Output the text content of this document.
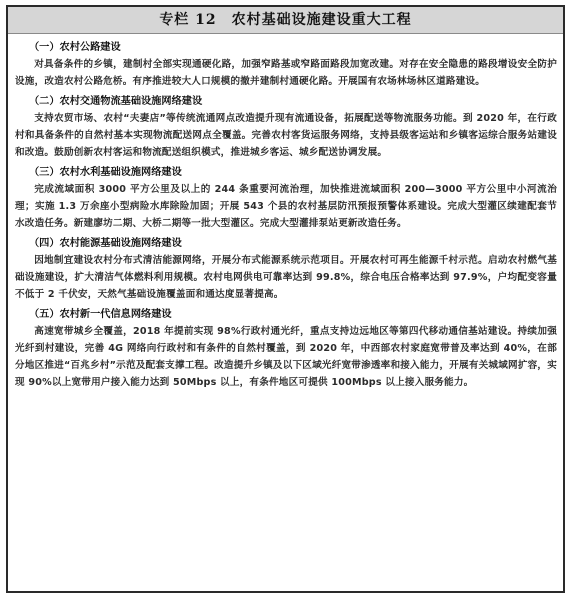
专栏 12　农村基础设施建设重大工程
（一）农村公路建设
对具备条件的乡镇，建制村全部实现通硬化路，加强窄路基或窄路面路段加宽改建。对存在安全隐患的路段增设安全防护设施，改造农村公路危桥。有序推进较大人口规模的撤并建制村通硬化路。开展国有农场林场林区道路建设。
（二）农村交通物流基础设施网络建设
支持农贸市场、农村“夫妻店”等传统流通网点改造提升现有流通设备，拓展配送等物流服务功能。到 2020 年，在行政村和具备条件的自然村基本实现物流配送网点全覆盖。完善农村客货运服务网络，支持县级客运站和乡镇客运综合服务站建设和改造。鼓励创新农村客运和物流配送组织模式，推进城乡客运、城乡配送协调发展。
（三）农村水利基础设施网络建设
完成流域面积 3000 平方公里及以上的 244 条重要河流治理，加快推进流域面积 200—3000 平方公里中小河流治理；实施 1.3 万余座小型病险水库除险加固；开展 543 个县的农村基层防汛预报预警体系建设。完成大型灌区续建配套节水改造任务。新建廖坊二期、大桥二期等一批大型灌区。完成大型灌排泵站更新改造任务。
（四）农村能源基础设施网络建设
因地制宜建设农村分布式清洁能源网络，开展分布式能源系统示范项目。开展农村可再生能源千村示范。启动农村燃气基础设施建设，扩大清洁气体燃料利用规模。农村电网供电可靠率达到 99.8%，综合电压合格率达到 97.9%，户均配变容量不低于 2 千伏安，天然气基础设施覆盖面和通达度显著提高。
（五）农村新一代信息网络建设
高速宽带城乡全覆盖，2018 年提前实现 98%行政村通光纤，重点支持边远地区等第四代移动通信基站建设。持续加强光纤到村建设，完善 4G 网络向行政村和有条件的自然村覆盖，到 2020 年，中西部农村家庭宽带普及率达到 40%，在部分地区推进“百兆乡村”示范及配套支撑工程。改造提升乡镇及以下区域光纤宽带渗透率和接入能力，开展有关城域网扩容，实现 90%以上宽带用户接入能力达到 50Mbps 以上，有条件地区可提供 100Mbps 以上接入服务能力。
